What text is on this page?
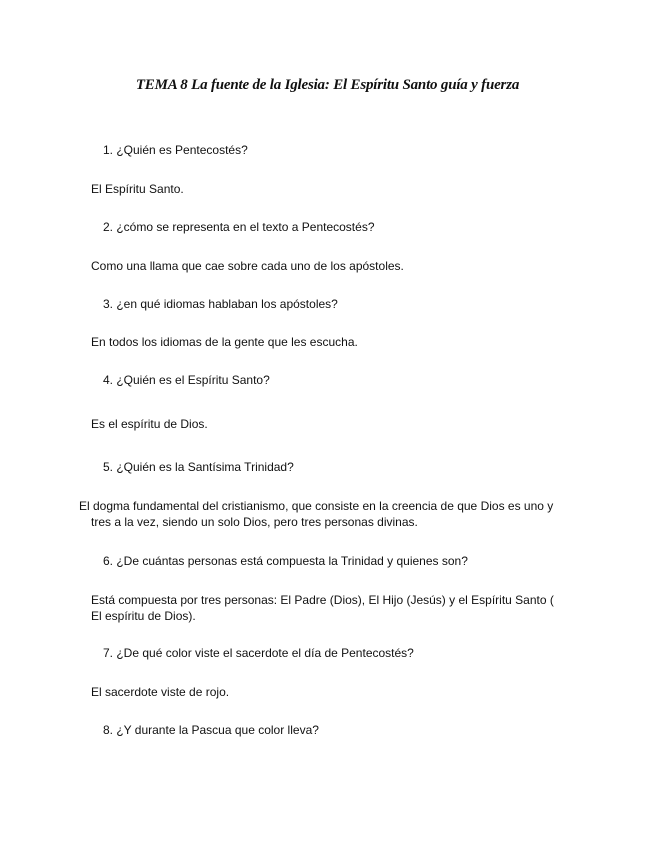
TEMA 8 La fuente de la Iglesia: El Espíritu Santo guía y fuerza

1. ¿Quién es Pentecostés?

El Espíritu Santo.

2. ¿cómo se representa en el texto a Pentecostés?

Como una llama que cae sobre cada uno de los apóstoles.

3. ¿en qué idiomas hablaban los apóstoles?

En todos los idiomas de la gente que les escucha.

4. ¿Quién es el Espíritu Santo?

Es el espíritu de Dios.

5. ¿Quién es la Santísima Trinidad?

El dogma fundamental del cristianismo, que consiste en la creencia de que Dios es uno y
tres a la vez, siendo un solo Dios, pero tres personas divinas.

6. ¿De cuántas personas está compuesta la Trinidad y quienes son?

Está compuesta por tres personas: El Padre (Dios), El Hijo (Jesús) y el Espíritu Santo ( El espíritu de Dios).

7. ¿De qué color viste el sacerdote el día de Pentecostés?

El sacerdote viste de rojo.

8. ¿Y durante la Pascua que color lleva?
